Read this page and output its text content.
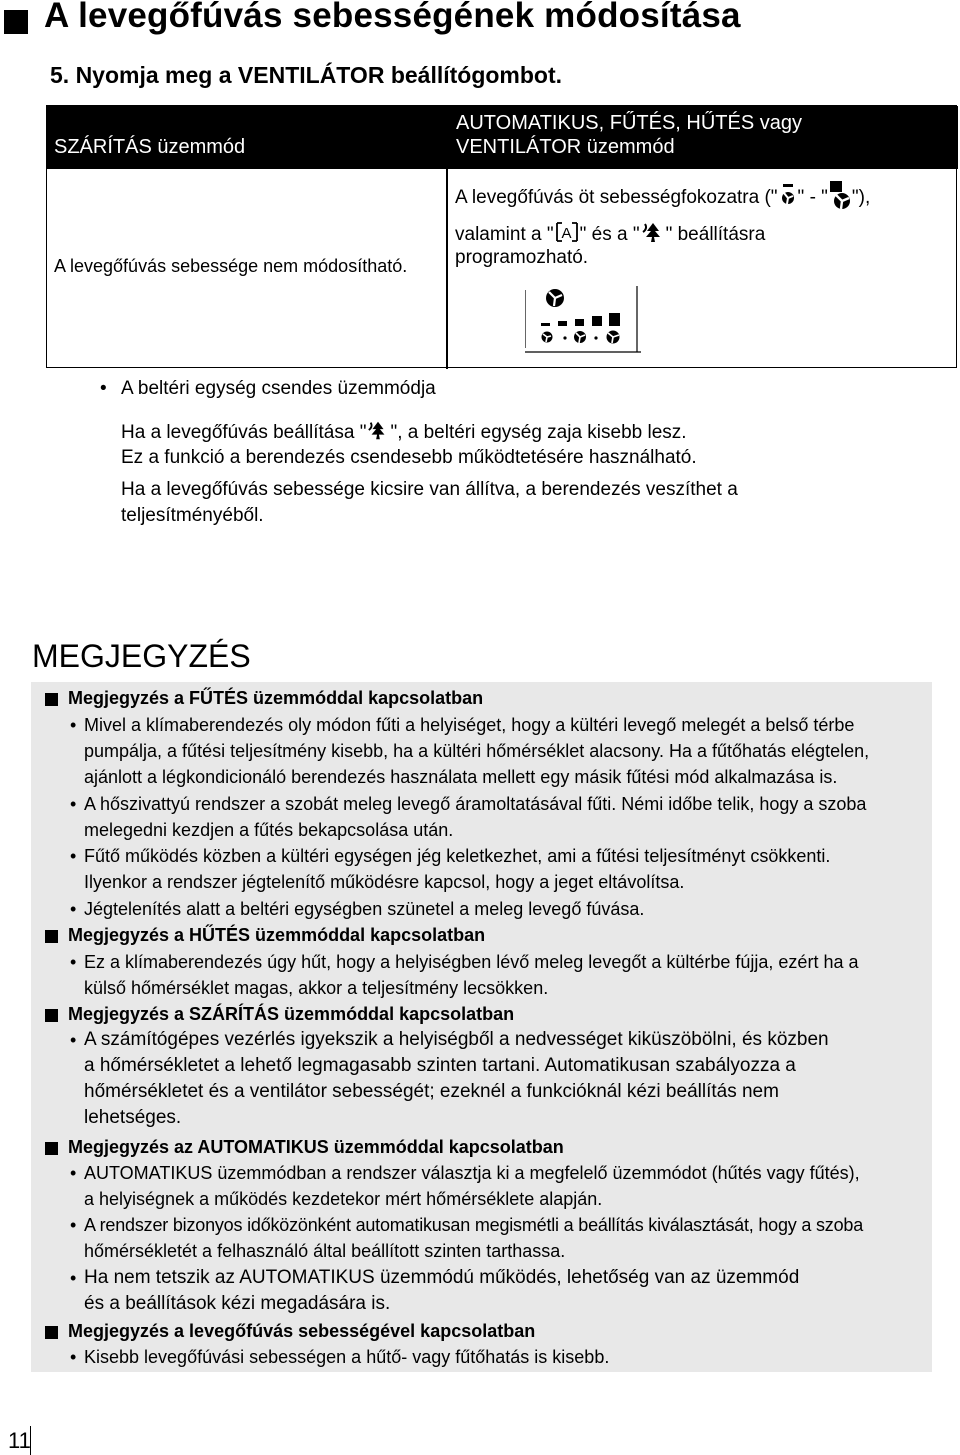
A levegőfúvás sebességének módosítása
5. Nyomja meg a VENTILÁTOR beállítógombot.
SZÁRÍTÁS üzemmód
AUTOMATIKUS, FŰTÉS, HŰTÉS vagy
VENTILÁTOR üzemmód
A levegőfúvás sebessége nem módosítható.
A levegőfúvás öt sebességfokozatra (" " - " "),
valamint a " A " és a " " beállításra
programozható.
• A beltéri egység csendes üzemmódja
Ha a levegőfúvás beállítása " ", a beltéri egység zaja kisebb lesz.
Ez a funkció a berendezés csendesebb működtetésére használható.
Ha a levegőfúvás sebessége kicsire van állítva, a berendezés veszíthet a
teljesítményéből.
MEGJEGYZÉS
Megjegyzés a FŰTÉS üzemmóddal kapcsolatban
• Mivel a klímaberendezés oly módon fűti a helyiséget, hogy a kültéri levegő melegét a belső térbe
pumpálja, a fűtési teljesítmény kisebb, ha a kültéri hőmérséklet alacsony. Ha a fűtőhatás elégtelen,
ajánlott a légkondicionáló berendezés használata mellett egy másik fűtési mód alkalmazása is.
• A hőszivattyú rendszer a szobát meleg levegő áramoltatásával fűti. Némi időbe telik, hogy a szoba
melegedni kezdjen a fűtés bekapcsolása után.
• Fűtő működés közben a kültéri egységen jég keletkezhet, ami a fűtési teljesítményt csökkenti.
Ilyenkor a rendszer jégtelenítő működésre kapcsol, hogy a jeget eltávolítsa.
• Jégtelenítés alatt a beltéri egységben szünetel a meleg levegő fúvása.
Megjegyzés a HŰTÉS üzemmóddal kapcsolatban
• Ez a klímaberendezés úgy hűt, hogy a helyiségben lévő meleg levegőt a kültérbe fújja, ezért ha a
külső hőmérséklet magas, akkor a teljesítmény lecsökken.
Megjegyzés a SZÁRÍTÁS üzemmóddal kapcsolatban
• A számítógépes vezérlés igyekszik a helyiségből a nedvességet kiküszöbölni, és közben
a hőmérsékletet a lehető legmagasabb szinten tartani. Automatikusan szabályozza a
hőmérsékletet és a ventilátor sebességét; ezeknél a funkcióknál kézi beállítás nem
lehetséges.
Megjegyzés az AUTOMATIKUS üzemmóddal kapcsolatban
• AUTOMATIKUS üzemmódban a rendszer választja ki a megfelelő üzemmódot (hűtés vagy fűtés),
a helyiségnek a működés kezdetekor mért hőmérséklete alapján.
• A rendszer bizonyos időközönként automatikusan megismétli a beállítás kiválasztását, hogy a szoba
hőmérsékletét a felhasználó által beállított szinten tarthassa.
• Ha nem tetszik az AUTOMATIKUS üzemmódú működés, lehetőség van az üzemmód
és a beállítások kézi megadására is.
Megjegyzés a levegőfúvás sebességével kapcsolatban
• Kisebb levegőfúvási sebességen a hűtő- vagy fűtőhatás is kisebb.
11
